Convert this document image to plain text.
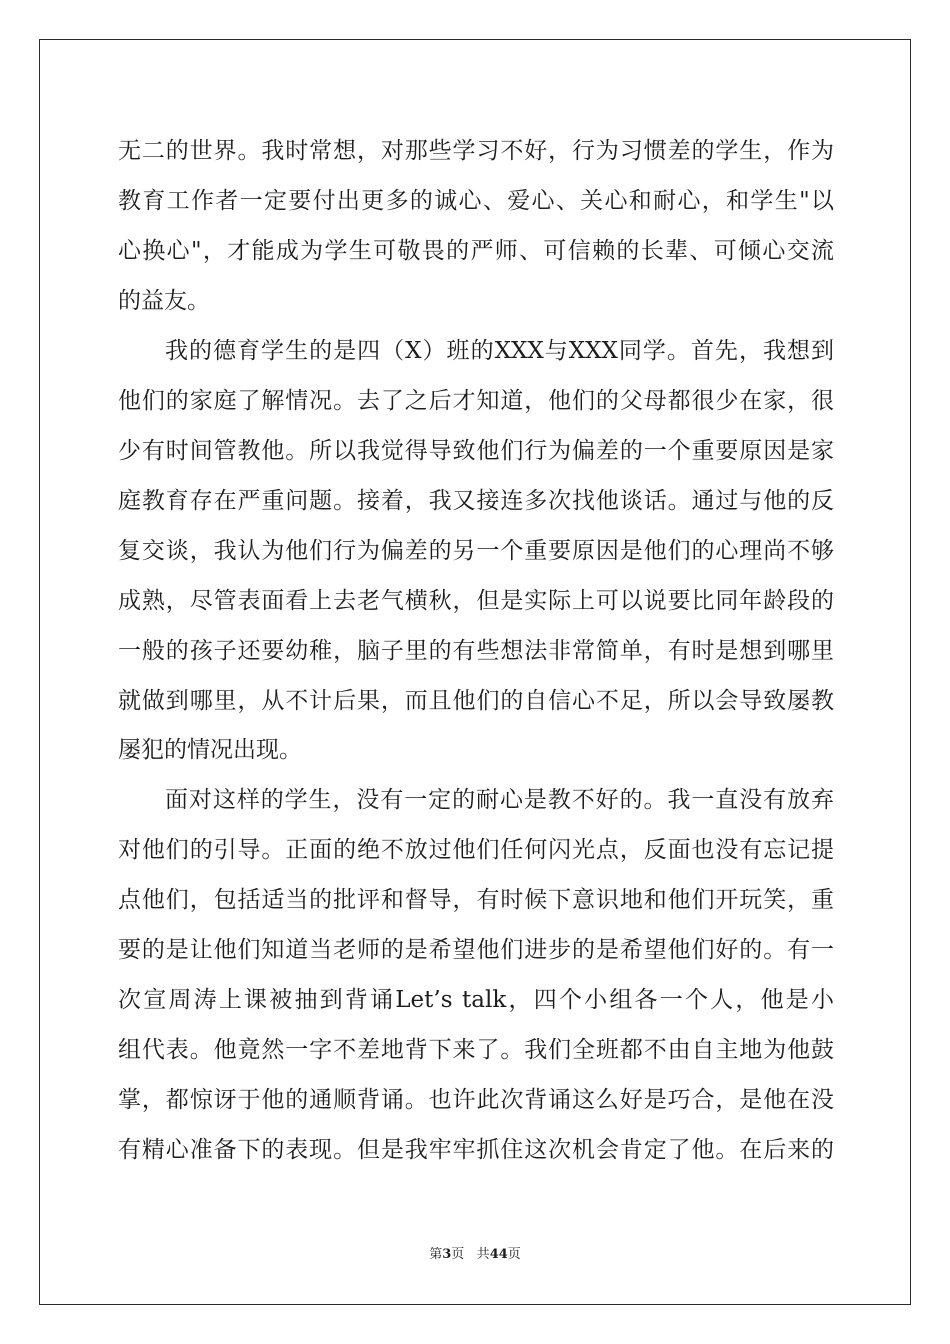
无二的世界。我时常想，对那些学习不好，行为习惯差的学生，作为
教育工作者一定要付出更多的诚心、爱心、关心和耐心，和学生"以
心换心"，才能成为学生可敬畏的严师、可信赖的长辈、可倾心交流
的益友。
我的德育学生的是四（X）班的XXX与XXX同学。首先，我想到
他们的家庭了解情况。去了之后才知道，他们的父母都很少在家，很
少有时间管教他。所以我觉得导致他们行为偏差的一个重要原因是家
庭教育存在严重问题。接着，我又接连多次找他谈话。通过与他的反
复交谈，我认为他们行为偏差的另一个重要原因是他们的心理尚不够
成熟，尽管表面看上去老气横秋，但是实际上可以说要比同年龄段的
一般的孩子还要幼稚，脑子里的有些想法非常简单，有时是想到哪里
就做到哪里，从不计后果，而且他们的自信心不足，所以会导致屡教
屡犯的情况出现。
面对这样的学生，没有一定的耐心是教不好的。我一直没有放弃
对他们的引导。正面的绝不放过他们任何闪光点，反面也没有忘记提
点他们，包括适当的批评和督导，有时候下意识地和他们开玩笑，重
要的是让他们知道当老师的是希望他们进步的是希望他们好的。有一
次宣周涛上课被抽到背诵Let’s talk，四个小组各一个人，他是小
组代表。他竟然一字不差地背下来了。我们全班都不由自主地为他鼓
掌，都惊讶于他的通顺背诵。也许此次背诵这么好是巧合，是他在没
有精心准备下的表现。但是我牢牢抓住这次机会肯定了他。在后来的
第3页 共44页
